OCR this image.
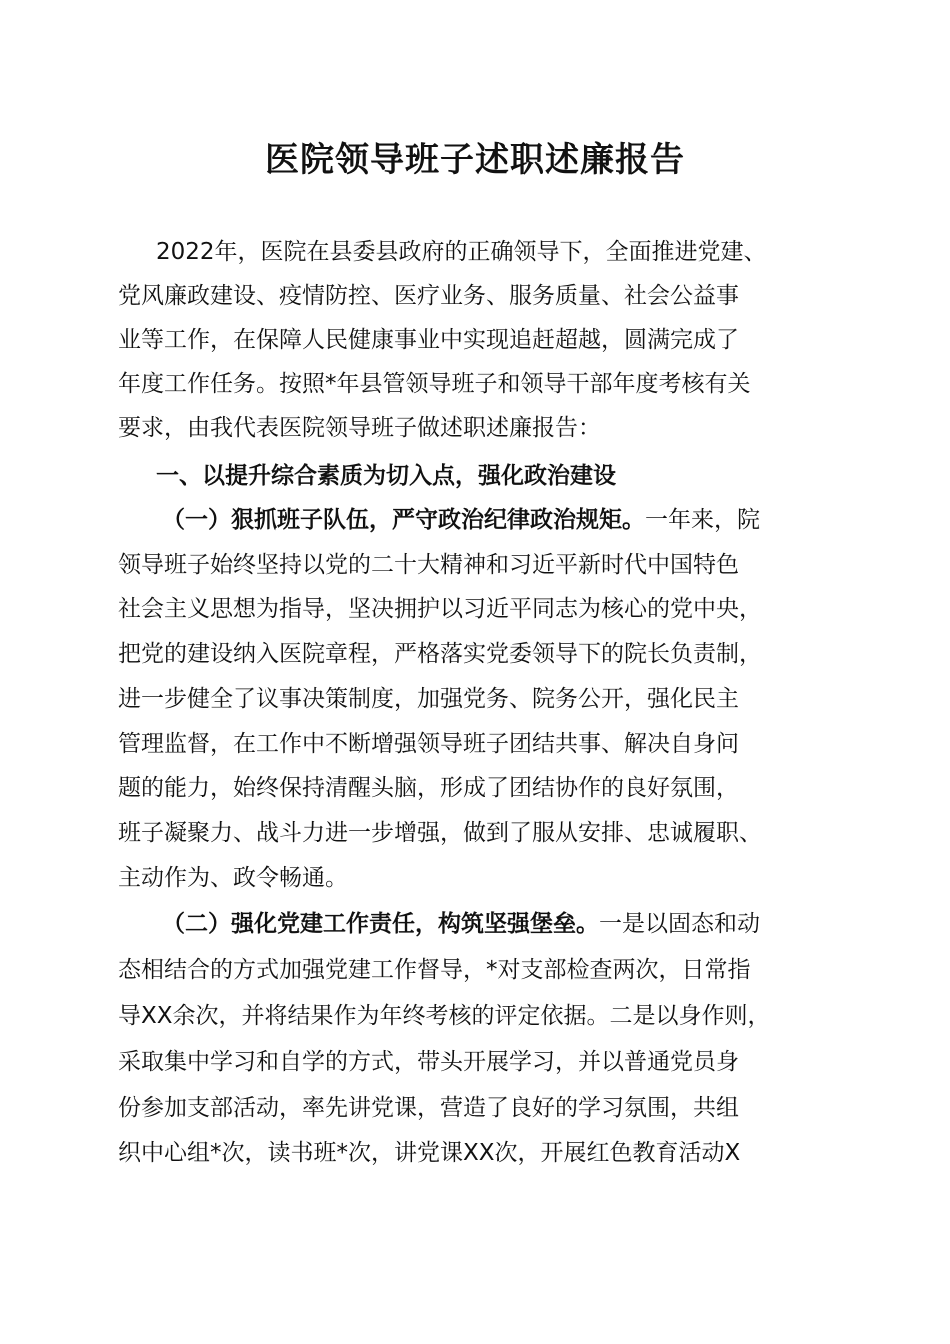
医院领导班子述职述廉报告
2022年，医院在县委县政府的正确领导下，全面推进党建、
党风廉政建设、疫情防控、医疗业务、服务质量、社会公益事
业等工作，在保障人民健康事业中实现追赶超越，圆满完成了
年度工作任务。按照*年县管领导班子和领导干部年度考核有关
要求，由我代表医院领导班子做述职述廉报告：
一、以提升综合素质为切入点，强化政治建设
（一）狠抓班子队伍，严守政治纪律政治规矩。一年来，院
领导班子始终坚持以党的二十大精神和习近平新时代中国特色
社会主义思想为指导，坚决拥护以习近平同志为核心的党中央，
把党的建设纳入医院章程，严格落实党委领导下的院长负责制，
进一步健全了议事决策制度，加强党务、院务公开，强化民主
管理监督，在工作中不断增强领导班子团结共事、解决自身问
题的能力，始终保持清醒头脑，形成了团结协作的良好氛围，
班子凝聚力、战斗力进一步增强，做到了服从安排、忠诚履职、
主动作为、政令畅通。
（二）强化党建工作责任，构筑坚强堡垒。一是以固态和动
态相结合的方式加强党建工作督导，*对支部检查两次，日常指
导XX余次，并将结果作为年终考核的评定依据。二是以身作则，
采取集中学习和自学的方式，带头开展学习，并以普通党员身
份参加支部活动，率先讲党课，营造了良好的学习氛围，共组
织中心组*次，读书班*次，讲党课XX次，开展红色教育活动X
